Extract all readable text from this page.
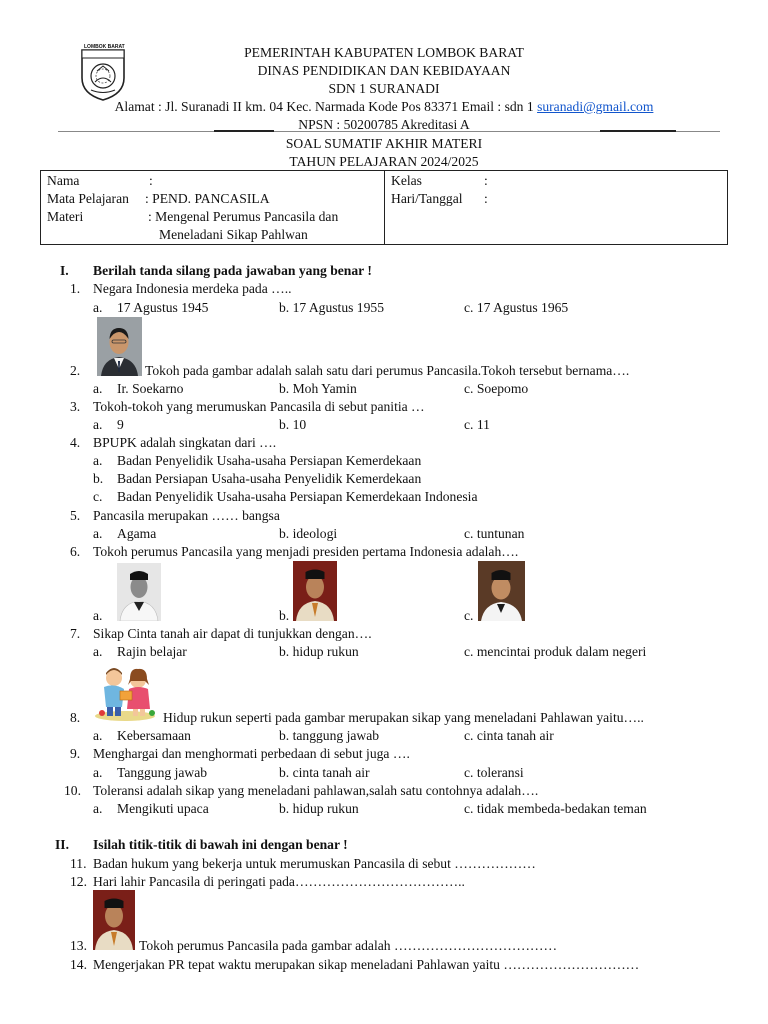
LOMBOK BARAT	PEMERINTAH KABUPATEN LOMBOK BARAT
DINAS PENDIDIKAN DAN KEBIDAYAAN
SDN 1 SURANADI
Alamat : Jl. Suranadi II km. 04 Kec. Narmada Kode Pos 83371 Email : sdn 1 suranadi@gmail.com
NPSN : 50200785 Akreditasi A
SOAL SUMATIF AKHIR MATERI
TAHUN PELAJARAN 2024/2025
Nama	:
Mata Pelajaran : PEND. PANCASILA
Materi	: Mengenal Perumus Pancasila dan
Meneladani Sikap Pahlwan
Kelas	:
Hari/Tanggal :
I. Berilah tanda silang pada jawaban yang benar !
1. Negara Indonesia merdeka pada …..
a. 17 Agustus 1945	b. 17 Agustus 1955	c. 17 Agustus 1965
2.	Tokoh pada gambar adalah salah satu dari perumus Pancasila.Tokoh tersebut bernama….
a. Ir. Soekarno	b. Moh Yamin	c. Soepomo
3. Tokoh-tokoh yang merumuskan Pancasila di sebut panitia …
a. 9	b. 10	c. 11
4. BPUPK adalah singkatan dari ….
a. Badan Penyelidik Usaha-usaha Persiapan Kemerdekaan
b. Badan Persiapan Usaha-usaha Penyelidik Kemerdekaan
c. Badan Penyelidik Usaha-usaha Persiapan Kemerdekaan Indonesia
5. Pancasila merupakan …… bangsa
a. Agama	b. ideologi	c. tuntunan
6. Tokoh perumus Pancasila yang menjadi presiden pertama Indonesia adalah….
a.	b.	c.
7. Sikap Cinta tanah air dapat di tunjukkan dengan….
a. Rajin belajar	b. hidup rukun	c. mencintai produk dalam negeri
8.	Hidup rukun seperti pada gambar merupakan sikap yang meneladani Pahlawan yaitu…..
a. Kebersamaan	b. tanggung jawab	c. cinta tanah air
9. Menghargai dan menghormati perbedaan di sebut juga ….
a. Tanggung jawab	b. cinta tanah air	c. toleransi
10. Toleransi adalah sikap yang meneladani pahlawan,salah satu contohnya adalah….
a. Mengikuti upaca	b. hidup rukun	c. tidak membeda-bedakan teman
II. Isilah titik-titik di bawah ini dengan benar !
11. Badan hukum yang bekerja untuk merumuskan Pancasila di sebut ………………
12. Hari lahir Pancasila di peringati pada………………………………..
13.	Tokoh perumus Pancasila pada gambar adalah ………………………………
14. Mengerjakan PR tepat waktu merupakan sikap meneladani Pahlawan yaitu …………………………
